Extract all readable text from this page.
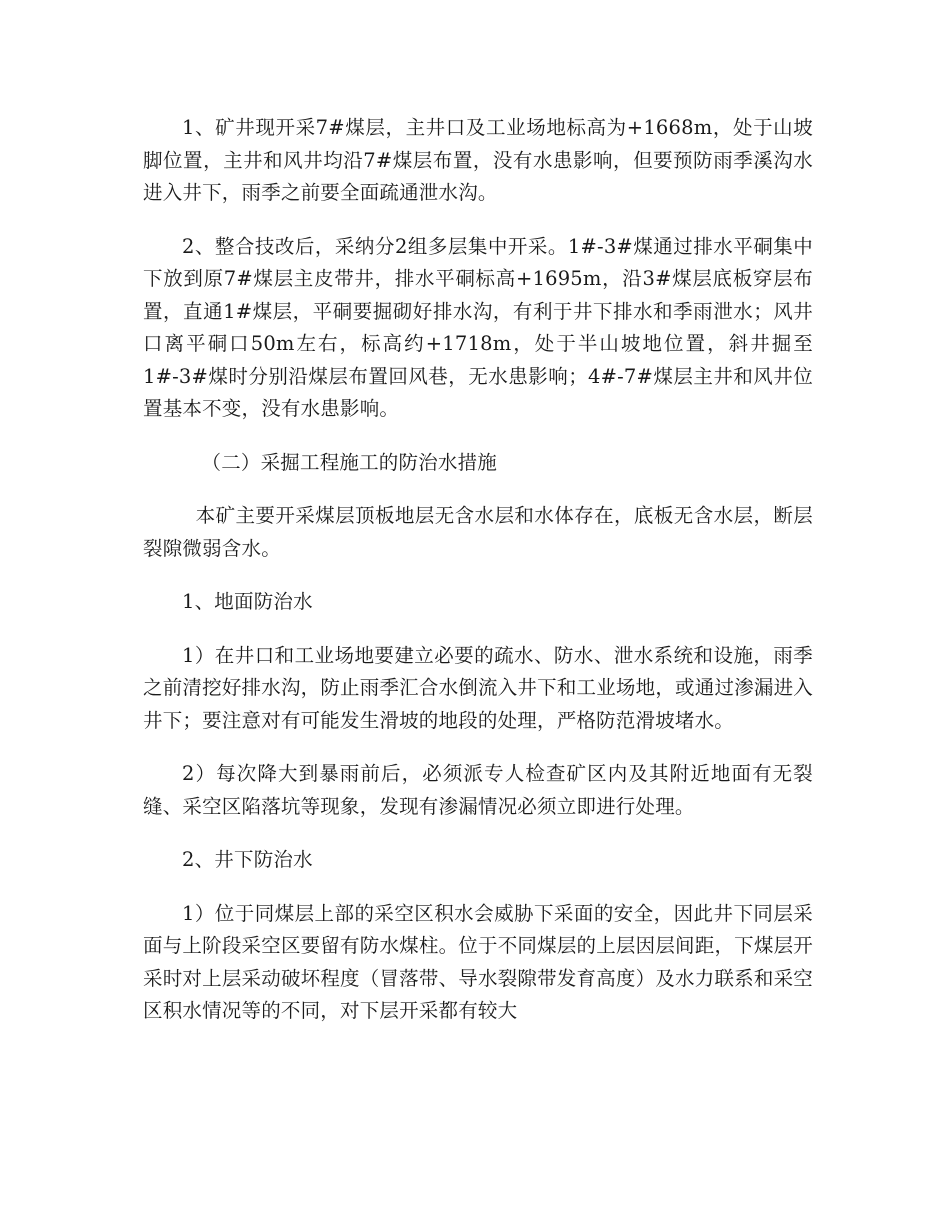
1、矿井现开采7#煤层，主井口及工业场地标高为+1668m，处于山坡脚位置，主井和风井均沿7#煤层布置，没有水患影响，但要预防雨季溪沟水进入井下，雨季之前要全面疏通泄水沟。

2、整合技改后，采纳分2组多层集中开采。1#-3#煤通过排水平硐集中下放到原7#煤层主皮带井，排水平硐标高+1695m，沿3#煤层底板穿层布置，直通1#煤层，平硐要掘砌好排水沟，有利于井下排水和季雨泄水；风井口离平硐口50m左右，标高约+1718m，处于半山坡地位置，斜井掘至1#-3#煤时分别沿煤层布置回风巷，无水患影响；4#-7#煤层主井和风井位置基本不变，没有水患影响。

（二）采掘工程施工的防治水措施

本矿主要开采煤层顶板地层无含水层和水体存在，底板无含水层，断层裂隙微弱含水。

1、地面防治水

1）在井口和工业场地要建立必要的疏水、防水、泄水系统和设施，雨季之前清挖好排水沟，防止雨季汇合水倒流入井下和工业场地，或通过渗漏进入井下；要注意对有可能发生滑坡的地段的处理，严格防范滑坡堵水。

2）每次降大到暴雨前后，必须派专人检查矿区内及其附近地面有无裂缝、采空区陷落坑等现象，发现有渗漏情况必须立即进行处理。

2、井下防治水

1）位于同煤层上部的采空区积水会威胁下采面的安全，因此井下同层采面与上阶段采空区要留有防水煤柱。位于不同煤层的上层因层间距，下煤层开采时对上层采动破坏程度（冒落带、导水裂隙带发育高度）及水力联系和采空区积水情况等的不同，对下层开采都有较大
